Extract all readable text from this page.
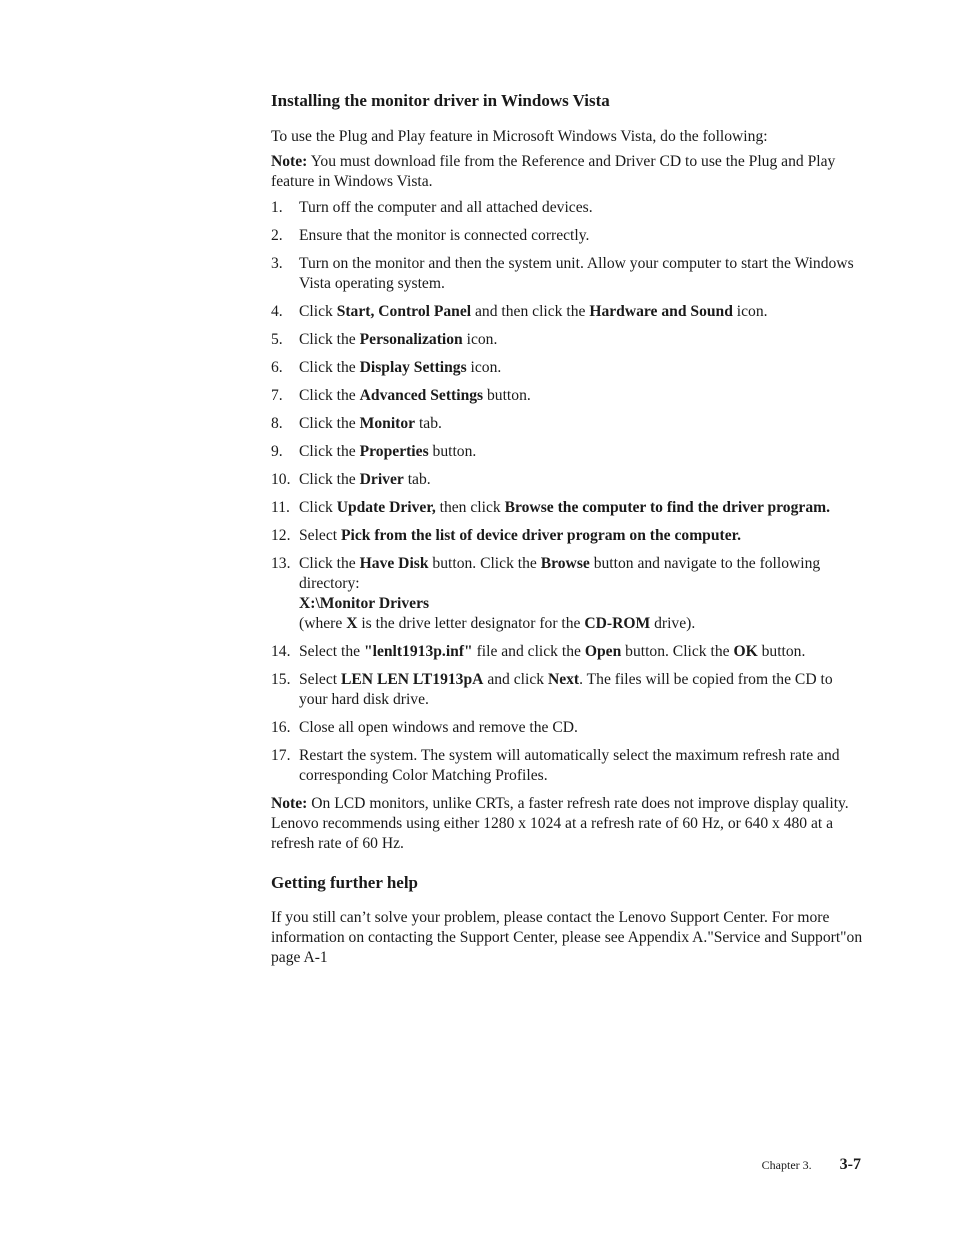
Installing the monitor driver in Windows Vista

To use the Plug and Play feature in Microsoft Windows Vista, do the following:

Note: You must download file from the Reference and Driver CD to use the Plug and Play feature in Windows Vista.

1. Turn off the computer and all attached devices.
2. Ensure that the monitor is connected correctly.
3. Turn on the monitor and then the system unit. Allow your computer to start the Windows Vista operating system.
4. Click Start, Control Panel and then click the Hardware and Sound icon.
5. Click the Personalization icon.
6. Click the Display Settings icon.
7. Click the Advanced Settings button.
8. Click the Monitor tab.
9. Click the Properties button.
10. Click the Driver tab.
11. Click Update Driver, then click Browse the computer to find the driver program.
12. Select Pick from the list of device driver program on the computer.
13. Click the Have Disk button. Click the Browse button and navigate to the following directory:
X:\Monitor Drivers
(where X is the drive letter designator for the CD-ROM drive).
14. Select the "lenlt1913p.inf" file and click the Open button. Click the OK button.
15. Select LEN LEN LT1913pA and click Next. The files will be copied from the CD to your hard disk drive.
16. Close all open windows and remove the CD.
17. Restart the system. The system will automatically select the maximum refresh rate and corresponding Color Matching Profiles.

Note: On LCD monitors, unlike CRTs, a faster refresh rate does not improve display quality. Lenovo recommends using either 1280 x 1024 at a refresh rate of 60 Hz, or 640 x 480 at a refresh rate of 60 Hz.

Getting further help

If you still can’t solve your problem, please contact the Lenovo Support Center. For more information on contacting the Support Center, please see Appendix A."Service and Support"on page A-1

Chapter 3. 3-7
